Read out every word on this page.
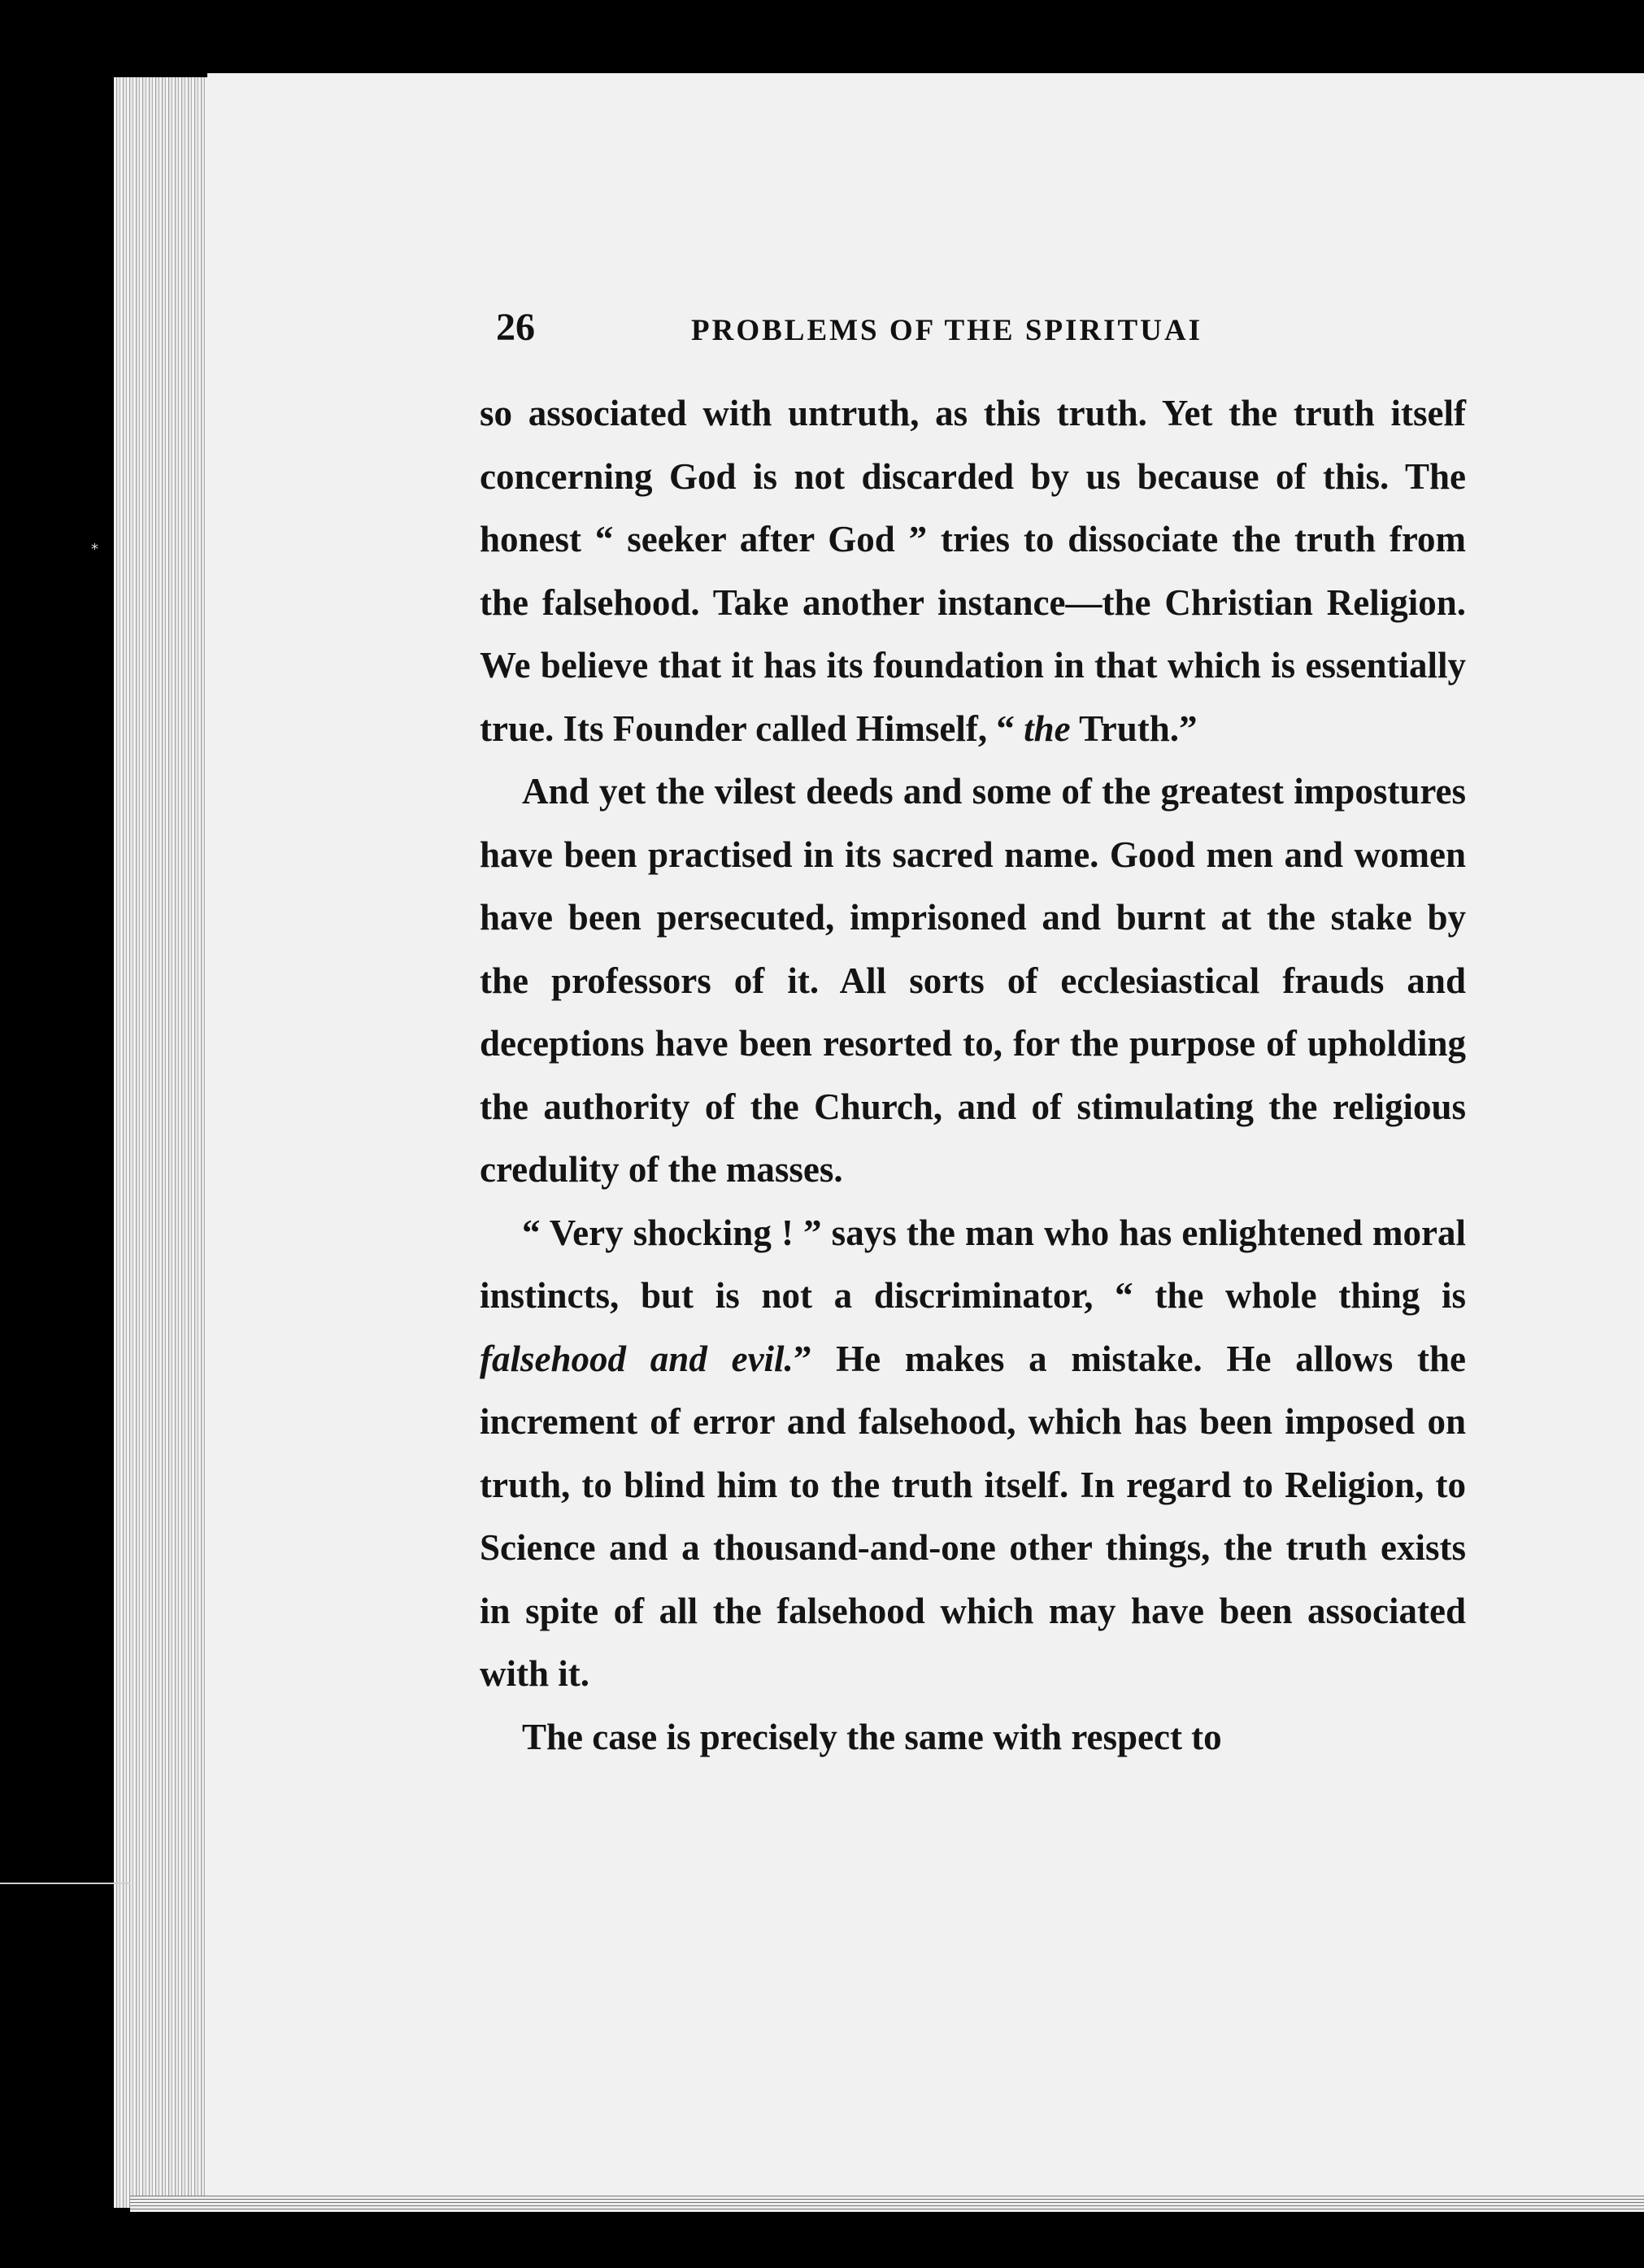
*
26	PROBLEMS OF THE SPIRITUAI

so associated with untruth, as this truth. Yet the truth itself concerning God is not discarded by us because of this. The honest “ seeker after God ” tries to dissociate the truth from the falsehood. Take another instance—the Christian Religion. We believe that it has its foundation in that which is essentially true. Its Founder called Himself, “ the Truth.”

And yet the vilest deeds and some of the greatest impostures have been practised in its sacred name. Good men and women have been persecuted, imprisoned and burnt at the stake by the professors of it. All sorts of ecclesiastical frauds and deceptions have been resorted to, for the purpose of upholding the authority of the Church, and of stimulating the religious credulity of the masses.

“ Very shocking ! ” says the man who has enlightened moral instincts, but is not a discriminator, “ the whole thing is falsehood and evil.” He makes a mistake. He allows the increment of error and falsehood, which has been imposed on truth, to blind him to the truth itself. In regard to Religion, to Science and a thousand-and-one other things, the truth exists in spite of all the falsehood which may have been associated with it.

The case is precisely the same with respect to
